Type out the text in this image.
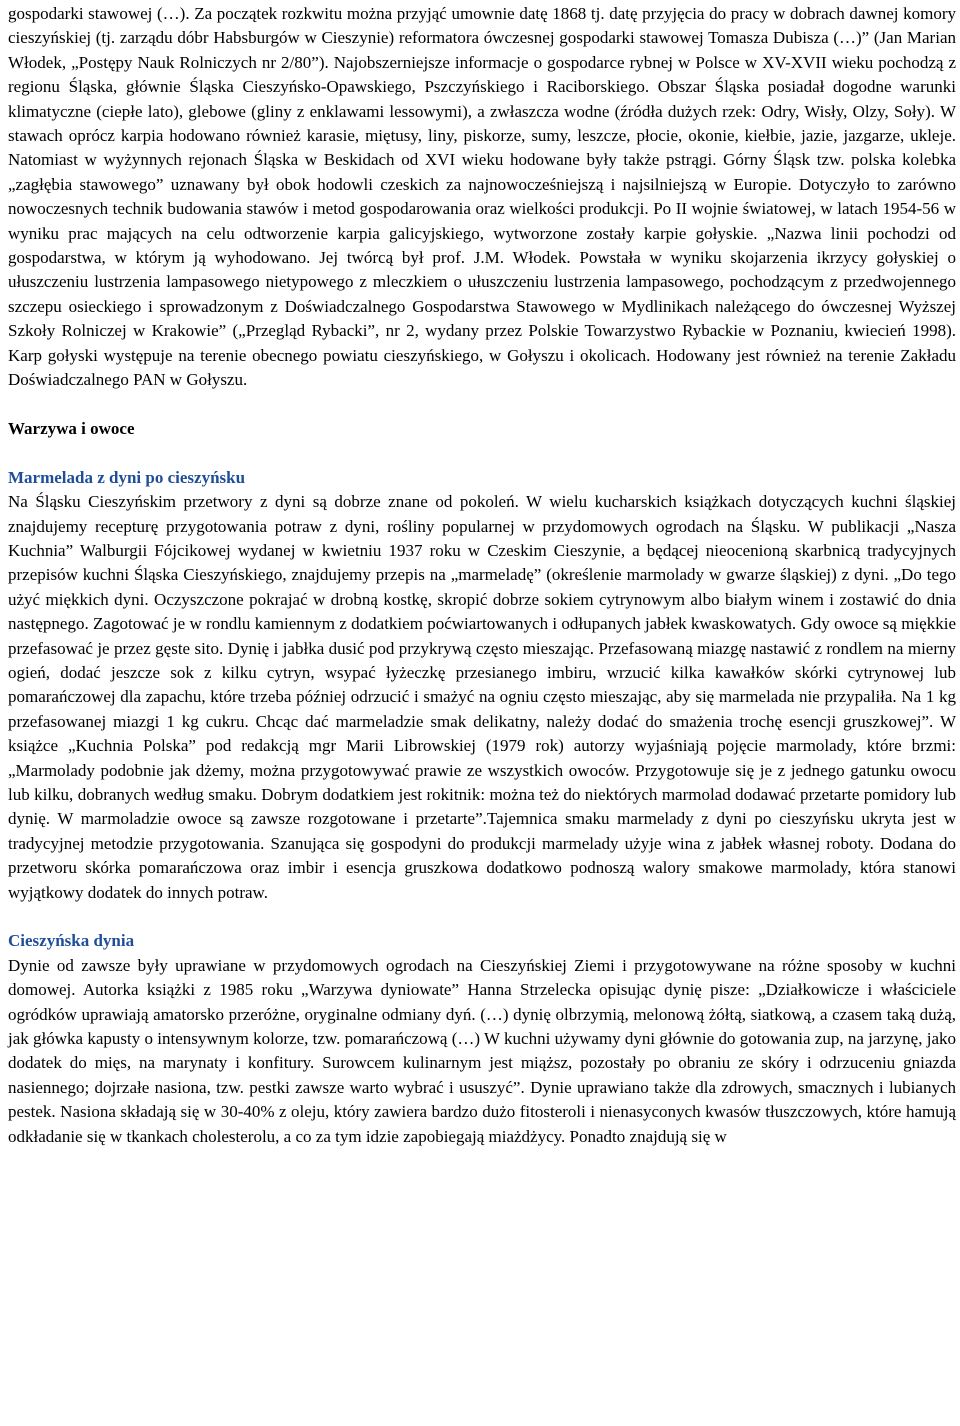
gospodarki stawowej (…). Za początek rozkwitu można przyjąć umownie datę 1868 tj. datę przyjęcia do pracy w dobrach dawnej komory cieszyńskiej (tj. zarządu dóbr Habsburgów w Cieszynie) reformatora ówczesnej gospodarki stawowej Tomasza Dubisza (…)” (Jan Marian Włodek, „Postępy Nauk Rolniczych nr 2/80”). Najobszerniejsze informacje o gospodarce rybnej w Polsce w XV-XVII wieku pochodzą z regionu Śląska, głównie Śląska Cieszyńsko-Opawskiego, Pszczyńskiego i Raciborskiego. Obszar Śląska posiadał dogodne warunki klimatyczne (ciepłe lato), glebowe (gliny z enklawami lessowymi), a zwłaszcza wodne (źródła dużych rzek: Odry, Wisły, Olzy, Soły). W stawach oprócz karpia hodowano również karasie, miętusy, liny, piskorze, sumy, leszcze, płocie, okonie, kiełbie, jazie, jazgarze, ukleje. Natomiast w wyżynnych rejonach Śląska w Beskidach od XVI wieku hodowane były także pstrągi. Górny Śląsk tzw. polska kolebka „zagłębia stawowego” uznawany był obok hodowli czeskich za najnowocześniejszą i najsilniejszą w Europie. Dotyczyło to zarówno nowoczesnych technik budowania stawów i metod gospodarowania oraz wielkości produkcji. Po II wojnie światowej, w latach 1954-56 w wyniku prac mających na celu odtworzenie karpia galicyjskiego, wytworzone zostały karpie gołyskie. „Nazwa linii pochodzi od gospodarstwa, w którym ją wyhodowano. Jej twórcą był prof. J.M. Włodek. Powstała w wyniku skojarzenia ikrzycy gołyskiej o ułuszczeniu lustrzenia lampasowego nietypowego z mleczkiem o ułuszczeniu lustrzenia lampasowego, pochodzącym z przedwojennego szczepu osieckiego i sprowadzonym z Doświadczalnego Gospodarstwa Stawowego w Mydlinikach należącego do ówczesnej Wyższej Szkoły Rolniczej w Krakowie” („Przegląd Rybacki”, nr 2, wydany przez Polskie Towarzystwo Rybackie w Poznaniu, kwiecień 1998). Karp gołyski występuje na terenie obecnego powiatu cieszyńskiego, w Gołyszu i okolicach. Hodowany jest również na terenie Zakładu Doświadczalnego PAN w Gołyszu.

Warzywa i owoce

Marmelada z dyni po cieszyńsku

Na Śląsku Cieszyńskim przetwory z dyni są dobrze znane od pokoleń. W wielu kucharskich książkach dotyczących kuchni śląskiej znajdujemy recepturę przygotowania potraw z dyni, rośliny popularnej w przydomowych ogrodach na Śląsku. W publikacji „Nasza Kuchnia” Walburgii Fójcikowej wydanej w kwietniu 1937 roku w Czeskim Cieszynie, a będącej nieocenioną skarbnicą tradycyjnych przepisów kuchni Śląska Cieszyńskiego, znajdujemy przepis na „marmeladę” (określenie marmolady w gwarze śląskiej) z dyni. „Do tego użyć miękkich dyni. Oczyszczone pokrajać w drobną kostkę, skropić dobrze sokiem cytrynowym albo białym winem i zostawić do dnia następnego. Zagotować je w rondlu kamiennym z dodatkiem poćwiartowanych i odłupanych jabłek kwaskowatych. Gdy owoce są miękkie przefasować je przez gęste sito. Dynię i jabłka dusić pod przykrywą często mieszając. Przefasowaną miazgę nastawić z rondlem na mierny ogień, dodać jeszcze sok z kilku cytryn, wsypać łyżeczkę przesianego imbiru, wrzucić kilka kawałków skórki cytrynowej lub pomarańczowej dla zapachu, które trzeba później odrzucić i smażyć na ogniu często mieszając, aby się marmelada nie przypaliła. Na 1 kg przefasowanej miazgi 1 kg cukru. Chcąc dać marmeladzie smak delikatny, należy dodać do smażenia trochę esencji gruszkowej”. W książce „Kuchnia Polska” pod redakcją mgr Marii Librowskiej (1979 rok) autorzy wyjaśniają pojęcie marmolady, które brzmi: „Marmolady podobnie jak dżemy, można przygotowywać prawie ze wszystkich owoców. Przygotowuje się je z jednego gatunku owocu lub kilku, dobranych według smaku. Dobrym dodatkiem jest rokitnik: można też do niektórych marmolad dodawać przetarte pomidory lub dynię. W marmoladzie owoce są zawsze rozgotowane i przetarte”.Tajemnica smaku marmelady z dyni po cieszyńsku ukryta jest w tradycyjnej metodzie przygotowania. Szanująca się gospodyni do produkcji marmelady użyje wina z jabłek własnej roboty. Dodana do przetworu skórka pomarańczowa oraz imbir i esencja gruszkowa dodatkowo podnoszą walory smakowe marmolady, która stanowi wyjątkowy dodatek do innych potraw.

Cieszyńska dynia

Dynie od zawsze były uprawiane w przydomowych ogrodach na Cieszyńskiej Ziemi i przygotowywane na różne sposoby w kuchni domowej. Autorka książki z 1985 roku „Warzywa dyniowate” Hanna Strzelecka opisując dynię pisze: „Działkowicze i właściciele ogródków uprawiają amatorsko przeróżne, oryginalne odmiany dyń. (…) dynię olbrzymią, melonową żółtą, siatkową, a czasem taką dużą, jak główka kapusty o intensywnym kolorze, tzw. pomarańczową (…) W kuchni używamy dyni głównie do gotowania zup, na jarzynę, jako dodatek do mięs, na marynaty i konfitury. Surowcem kulinarnym jest miąższ, pozostały po obraniu ze skóry i odrzuceniu gniazda nasiennego; dojrzałe nasiona, tzw. pestki zawsze warto wybrać i ususzyć”. Dynie uprawiano także dla zdrowych, smacznych i lubianych pestek. Nasiona składają się w 30-40% z oleju, który zawiera bardzo dużo fitosteroli i nienasyconych kwasów tłuszczowych, które hamują odkładanie się w tkankach cholesterolu, a co za tym idzie zapobiegają miażdżycy. Ponadto znajdują się w
